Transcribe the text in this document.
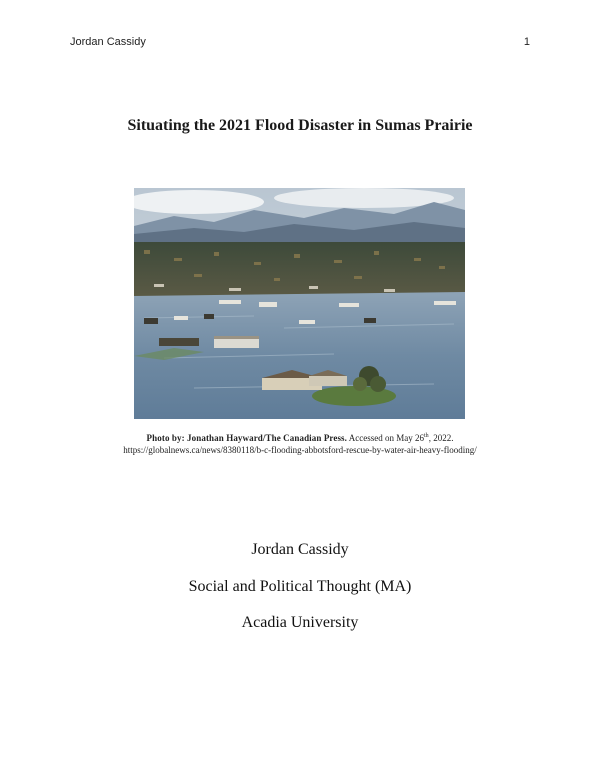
Jordan Cassidy	1
Situating the 2021 Flood Disaster in Sumas Prairie
Photo by: Jonathan Hayward/The Canadian Press. Accessed on May 26th, 2022.
https://globalnews.ca/news/8380118/b-c-flooding-abbotsford-rescue-by-water-air-heavy-flooding/
Jordan Cassidy
Social and Political Thought (MA)
Acadia University
